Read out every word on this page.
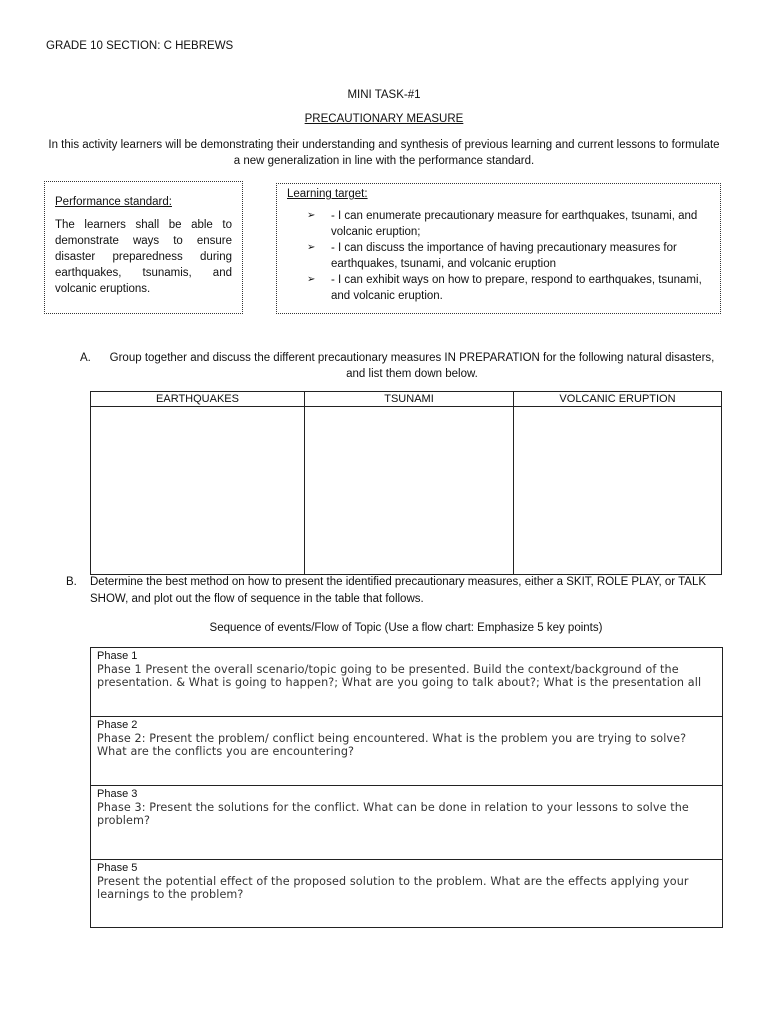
GRADE 10 SECTION: C HEBREWS
MINI TASK-#1
PRECAUTIONARY MEASURE
In this activity learners will be demonstrating their understanding and synthesis of previous learning and current lessons to formulate a new generalization in line with the performance standard.
Performance standard:
The learners shall be able to demonstrate ways to ensure disaster preparedness during earthquakes, tsunamis, and volcanic eruptions.
Learning target:
➢	- I can enumerate precautionary measure for earthquakes, tsunami, and volcanic eruption;
➢	- I can discuss the importance of having precautionary measures for earthquakes, tsunami, and volcanic eruption
➢	- I can exhibit ways on how to prepare, respond to earthquakes, tsunami, and volcanic eruption.
A.	Group together and discuss the different precautionary measures IN PREPARATION for the following natural disasters, and list them down below.
EARTHQUAKES	TSUNAMI	VOLCANIC ERUPTION

B.	Determine the best method on how to present the identified precautionary measures, either a SKIT, ROLE PLAY, or TALK SHOW, and plot out the flow of sequence in the table that follows.
Sequence of events/Flow of Topic (Use a flow chart: Emphasize 5 key points)
Phase 1
Phase 1 Present the overall scenario/topic going to be presented. Build the context/background of the presentation. & What is going to happen?; What are you going to talk about?; What is the presentation all

Phase 2
Phase 2: Present the problem/ conflict being encountered. What is the problem you are trying to solve? What are the conflicts you are encountering?

Phase 3
Phase 3: Present the solutions for the conflict. What can be done in relation to your lessons to solve the problem?

Phase 5
Present the potential effect of the proposed solution to the problem. What are the effects applying your learnings to the problem?
